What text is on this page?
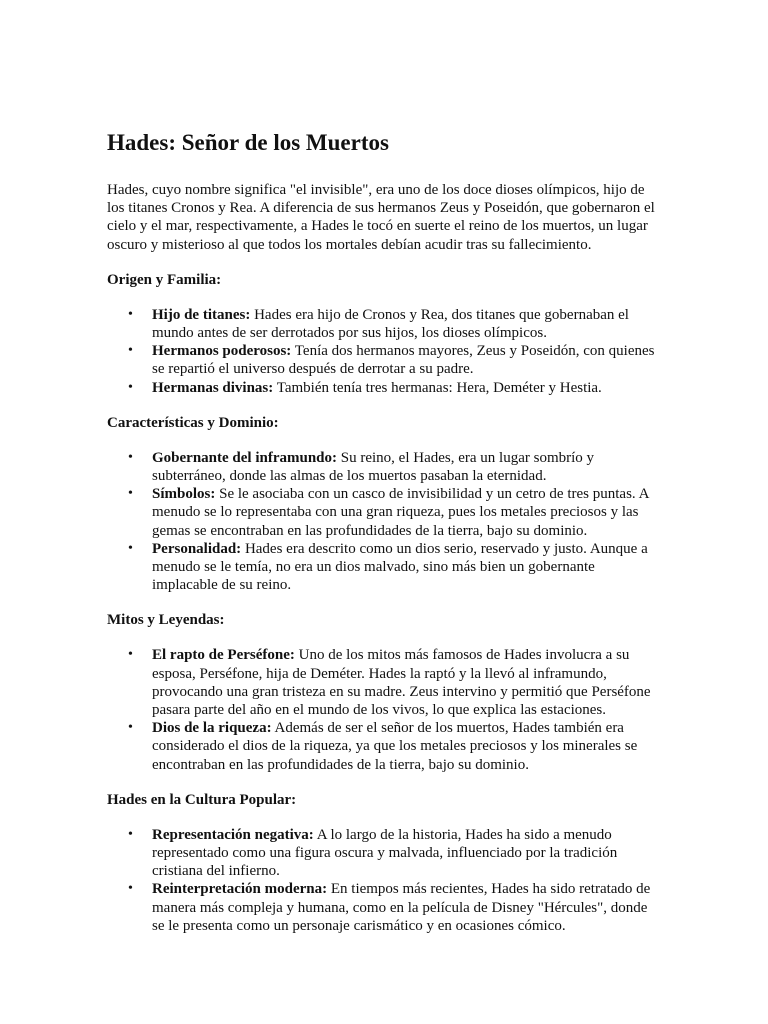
Hades: Señor de los Muertos

Hades, cuyo nombre significa "el invisible", era uno de los doce dioses olímpicos, hijo de los titanes Cronos y Rea. A diferencia de sus hermanos Zeus y Poseidón, que gobernaron el cielo y el mar, respectivamente, a Hades le tocó en suerte el reino de los muertos, un lugar oscuro y misterioso al que todos los mortales debían acudir tras su fallecimiento.

Origen y Familia:
• Hijo de titanes: Hades era hijo de Cronos y Rea, dos titanes que gobernaban el mundo antes de ser derrotados por sus hijos, los dioses olímpicos.
• Hermanos poderosos: Tenía dos hermanos mayores, Zeus y Poseidón, con quienes se repartió el universo después de derrotar a su padre.
• Hermanas divinas: También tenía tres hermanas: Hera, Deméter y Hestia.
Características y Dominio:
• Gobernante del inframundo: Su reino, el Hades, era un lugar sombrío y subterráneo, donde las almas de los muertos pasaban la eternidad.
• Símbolos: Se le asociaba con un casco de invisibilidad y un cetro de tres puntas. A menudo se lo representaba con una gran riqueza, pues los metales preciosos y las gemas se encontraban en las profundidades de la tierra, bajo su dominio.
• Personalidad: Hades era descrito como un dios serio, reservado y justo. Aunque a menudo se le temía, no era un dios malvado, sino más bien un gobernante implacable de su reino.
Mitos y Leyendas:
• El rapto de Perséfone: Uno de los mitos más famosos de Hades involucra a su esposa, Perséfone, hija de Deméter. Hades la raptó y la llevó al inframundo, provocando una gran tristeza en su madre. Zeus intervino y permitió que Perséfone pasara parte del año en el mundo de los vivos, lo que explica las estaciones.
• Dios de la riqueza: Además de ser el señor de los muertos, Hades también era considerado el dios de la riqueza, ya que los metales preciosos y los minerales se encontraban en las profundidades de la tierra, bajo su dominio.
Hades en la Cultura Popular:
• Representación negativa: A lo largo de la historia, Hades ha sido a menudo representado como una figura oscura y malvada, influenciado por la tradición cristiana del infierno.
• Reinterpretación moderna: En tiempos más recientes, Hades ha sido retratado de manera más compleja y humana, como en la película de Disney "Hércules", donde se le presenta como un personaje carismático y en ocasiones cómico.
